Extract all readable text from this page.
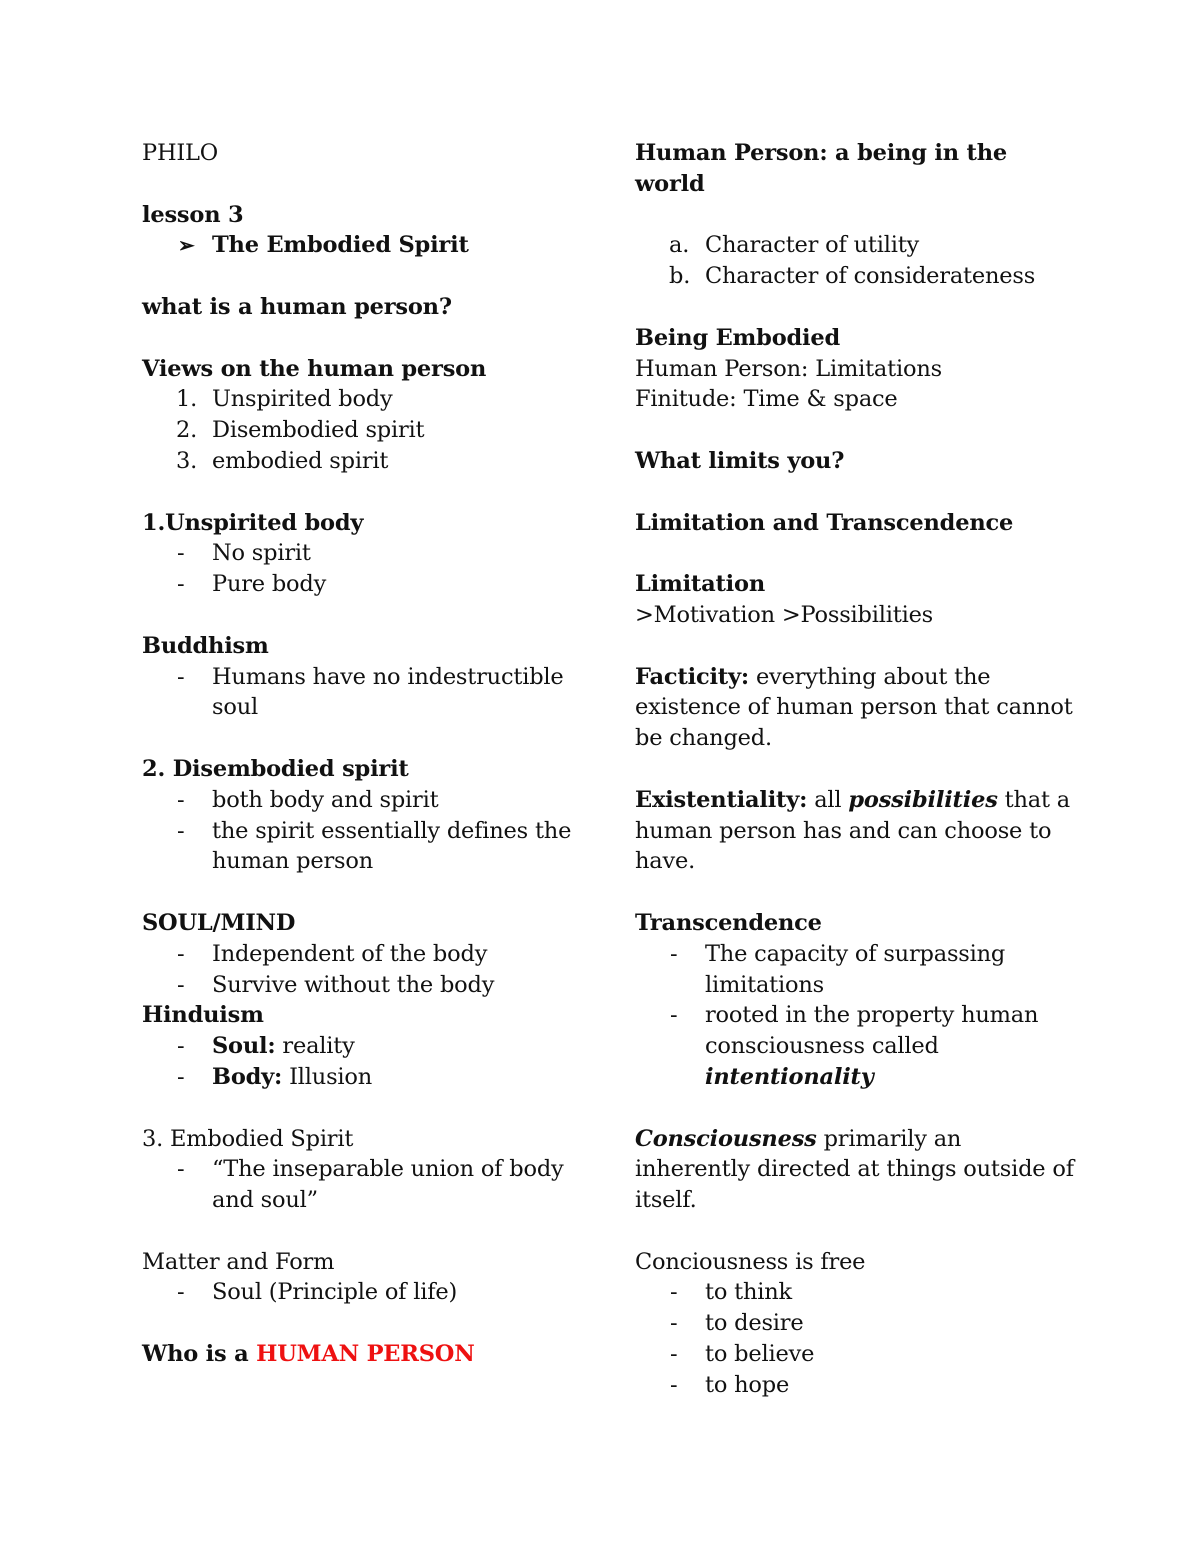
PHILO

lesson 3

➢ The Embodied Spirit

what is a human person?

Views on the human person

1. Unspirited body
2. Disembodied spirit
3. embodied spirit

1.Unspirited body

- No spirit
- Pure body

Buddhism

- Humans have no indestructible soul

2. Disembodied spirit

- both body and spirit
- the spirit essentially defines the human person

SOUL/MIND

- Independent of the body
- Survive without the body

Hinduism

- Soul: reality
- Body: Illusion

3. Embodied Spirit

- “The inseparable union of body and soul”

Matter and Form

- Soul (Principle of life)

Who is a HUMAN PERSON

Human Person: a being in the world

a. Character of utility
b. Character of considerateness

Being Embodied

Human Person: Limitations

Finitude: Time & space

What limits you?

Limitation and Transcendence

Limitation

>Motivation >Possibilities

Facticity: everything about the existence of human person that cannot be changed.

Existentiality: all possibilities that a human person has and can choose to have.

Transcendence

- The capacity of surpassing limitations
- rooted in the property human consciousness called intentionality

Consciousness primarily an inherently directed at things outside of itself.

Conciousness is free

- to think
- to desire
- to believe
- to hope
